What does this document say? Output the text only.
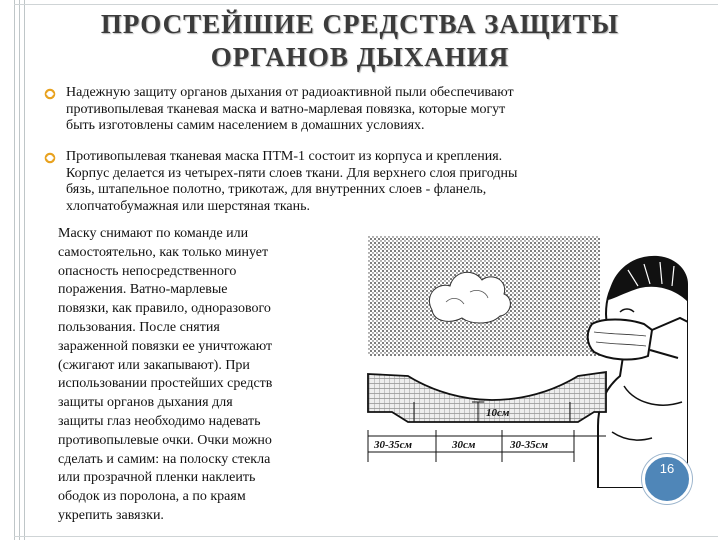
ПРОСТЕЙШИЕ СРЕДСТВА ЗАЩИТЫ
ОРГАНОВ ДЫХАНИЯ
Надежную защиту органов дыхания от радиоактивной пыли обеспечивают
противопылевая тканевая маска и ватно-марлевая повязка, которые могут
быть изготовлены самим населением в домашних условиях.
Противопылевая тканевая маска ПТМ-1 состоит из корпуса и крепления.
Корпус делается из четырех-пяти слоев ткани. Для верхнего слоя пригодны
бязь, штапельное полотно, трикотаж, для внутренних слоев - фланель,
хлопчатобумажная или шерстяная ткань.
Маску снимают по команде или
самостоятельно, как только минует
опасность непосредственного
поражения. Ватно-марлевые
повязки, как правило, одноразового
пользования. После снятия
зараженной повязки ее уничтожают
(сжигают или закапывают). При
использовании простейших средств
защиты органов дыхания для
защиты глаз необходимо надевать
противопылевые очки. Очки можно
сделать и самим: на полоску стекла
или прозрачной пленки наклеить
ободок из поролона, а по краям
укрепить завязки.
10см
30-35см	30см	30-35см
16
